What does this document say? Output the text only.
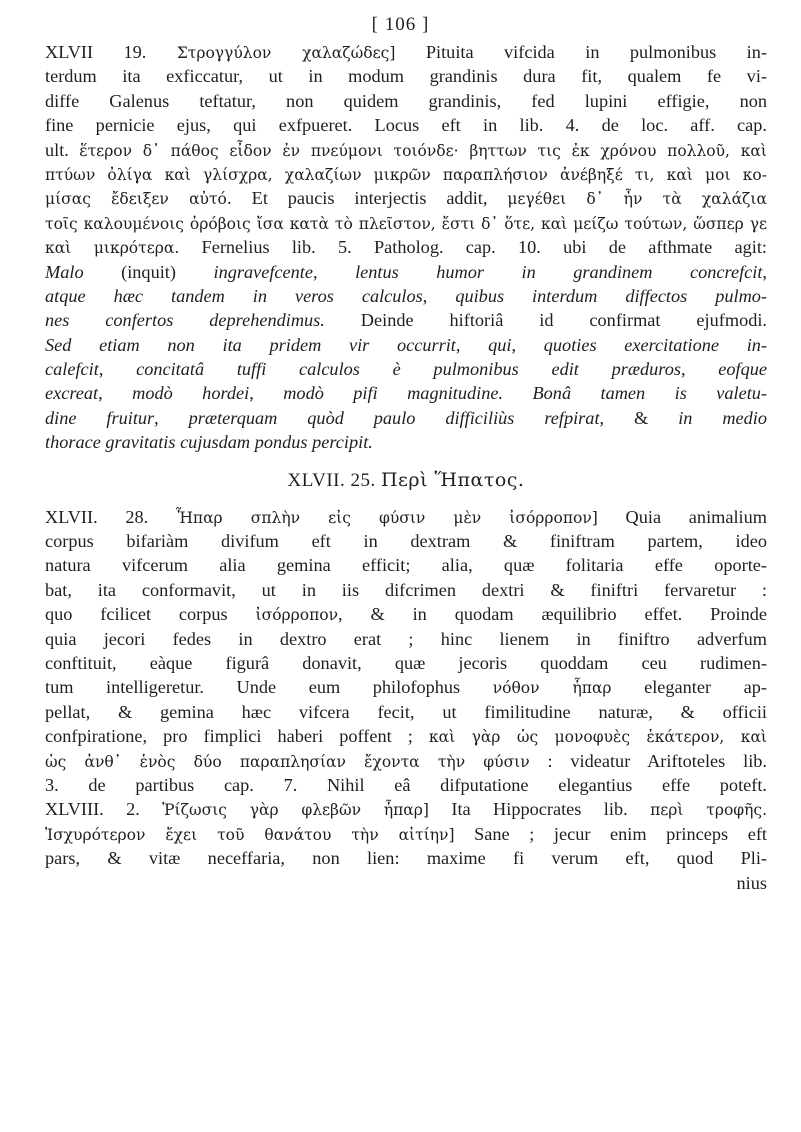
[ 106 ]
XLVII 19. Στρογγύλον χαλαζώδες] Pituita vifcida in pulmonibus in-
terdum ita exficcatur, ut in modum grandinis dura fit, qualem fe vi-
diffe Galenus teftatur, non quidem grandinis, fed lupini effigie, non
fine pernicie ejus, qui exfpueret. Locus eft in lib. 4. de loc. aff. cap.
ult. ἕτερον δ᾽ πάθος εἶδον ἐν πνεύμονι τοιόνδε· βηττων τις ἐκ χρόνου πολλοῦ, καὶ
πτύων ὀλίγα καὶ γλίσχρα, χαλαζίων μικρῶν παραπλήσιον ἀνέβηξέ τι, καὶ μοι κο-
μίσας ἔδειξεν αὐτό. Et paucis interjectis addit, μεγέθει δ᾽ ἦν τὰ χαλάζια
τοῖς καλουμένοις ὀρόβοις ἴσα κατὰ τὸ πλεῖστον, ἔστι δ᾽ ὅτε, καὶ μείζω τούτων, ὥσπερ γε
καὶ μικρότερα. Fernelius lib. 5. Patholog. cap. 10. ubi de afthmate agit:
Malo (inquit) ingravefcente, lentus humor in grandinem concrefcit,
atque hæc tandem in veros calculos, quibus interdum diffectos pulmo-
nes confertos deprehendimus. Deinde hiftoriâ id confirmat ejufmodi.
Sed etiam non ita pridem vir occurrit, qui, quoties exercitatione in-
calefcit, concitatâ tuffi calculos è pulmonibus edit præduros, eofque
excreat, modò hordei, modò pifi magnitudine. Bonâ tamen is valetu-
dine fruitur, præterquam quòd paulo difficiliùs refpirat, & in medio
thorace gravitatis cujusdam pondus percipit.
XLVII. 25. Περὶ Ἥπατος.
XLVII. 28. Ἧπαρ σπλὴν εἰς φύσιν μὲν ἰσόρροπον] Quia animalium
corpus bifariàm divifum eft in dextram & finiftram partem, ideo
natura vifcerum alia gemina efficit; alia, quæ folitaria effe oporte-
bat, ita conformavit, ut in iis difcrimen dextri & finiftri fervaretur :
quo fcilicet corpus ἰσόρροπον, & in quodam æquilibrio effet. Proinde
quia jecori fedes in dextro erat ; hinc lienem in finiftro adverfum
conftituit, eàque figurâ donavit, quæ jecoris quoddam ceu rudimen-
tum intelligeretur. Unde eum philofophus νόθον ἧπαρ eleganter ap-
pellat, & gemina hæc vifcera fecit, ut fimilitudine naturæ, & officii
confpiratione, pro fimplici haberi poffent ; καὶ γὰρ ὡς μονοφυὲς ἑκάτερον, καὶ
ὡς ἀνθ᾽ ἑνὸς δύο παραπλησίαν ἔχοντα τὴν φύσιν : videatur Ariftoteles lib.
3. de partibus cap. 7. Nihil eâ difputatione elegantius effe poteft.
XLVIII. 2. Ῥίζωσις γὰρ φλεβῶν ἧπαρ] Ita Hippocrates lib. περὶ τροφῆς.
Ἰσχυρότερον ἔχει τοῦ θανάτου τὴν αἰτίην] Sane ; jecur enim princeps eft
pars, & vitæ neceffaria, non lien: maxime fi verum eft, quod Pli-
nius
